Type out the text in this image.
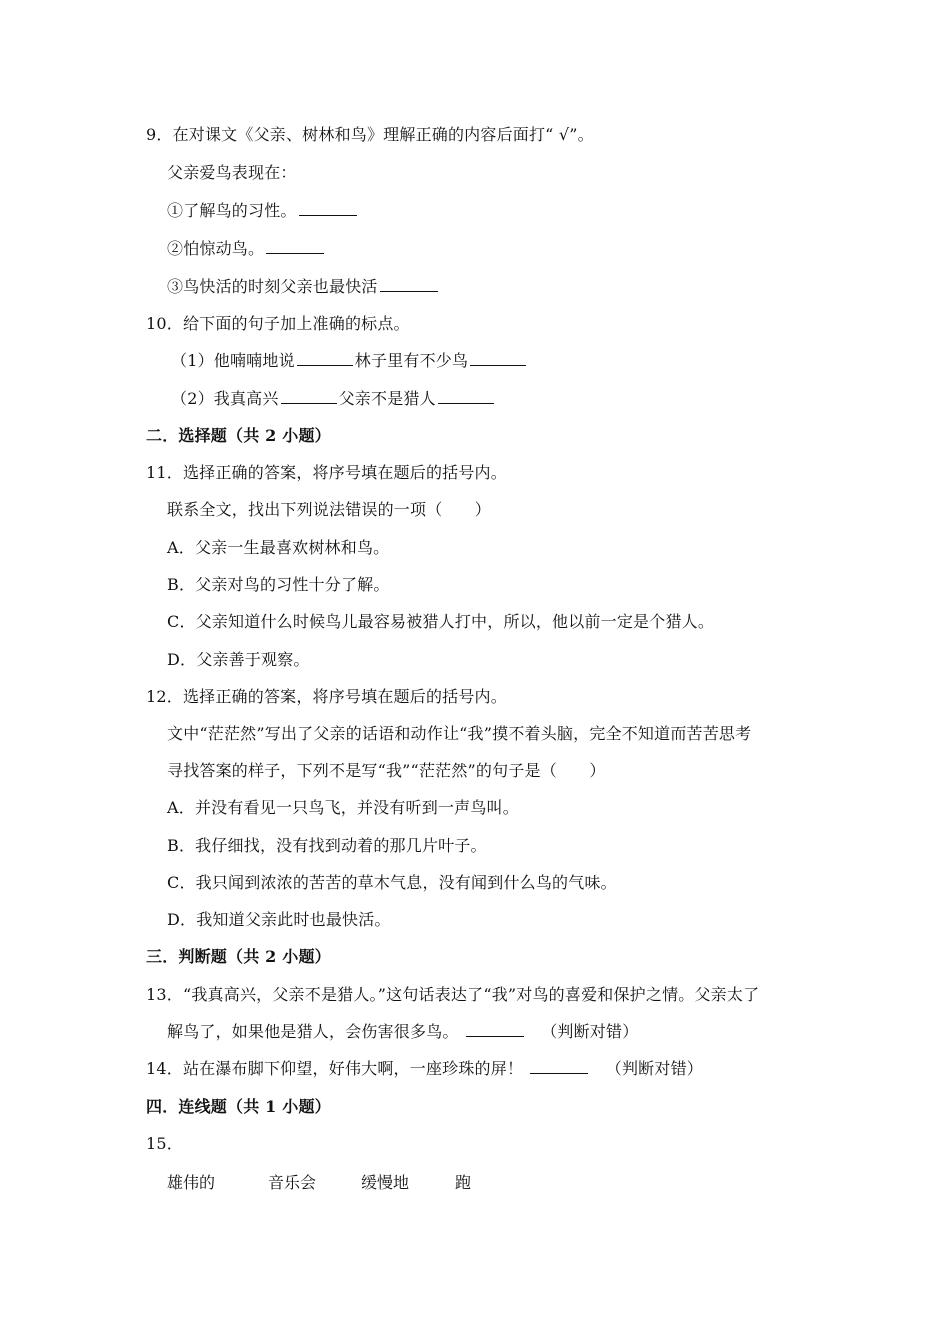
9．在对课文《父亲、树林和鸟》理解正确的内容后面打“ √”。
父亲爱鸟表现在：
①了解鸟的习性。
②怕惊动鸟。
③鸟快活的时刻父亲也最快活
10．给下面的句子加上准确的标点。
（1）他喃喃地说	林子里有不少鸟
（2）我真高兴	父亲不是猎人
二．选择题（共 2 小题）
11．选择正确的答案，将序号填在题后的括号内。
联系全文，找出下列说法错误的一项（　　）
A．父亲一生最喜欢树林和鸟。
B．父亲对鸟的习性十分了解。
C．父亲知道什么时候鸟儿最容易被猎人打中，所以，他以前一定是个猎人。
D．父亲善于观察。
12．选择正确的答案，将序号填在题后的括号内。
文中“茫茫然”写出了父亲的话语和动作让“我”摸不着头脑，完全不知道而苦苦思考
寻找答案的样子，下列不是写“我”“茫茫然”的句子是（　　）
A．并没有看见一只鸟飞，并没有听到一声鸟叫。
B．我仔细找，没有找到动着的那几片叶子。
C．我只闻到浓浓的苦苦的草木气息，没有闻到什么鸟的气味。
D．我知道父亲此时也最快活。
三．判断题（共 2 小题）
13．“我真高兴，父亲不是猎人。”这句话表达了“我”对鸟的喜爱和保护之情。父亲太了
解鸟了，如果他是猎人，会伤害很多鸟。	（判断对错）
14．站在瀑布脚下仰望，好伟大啊，一座珍珠的屏！	（判断对错）
四．连线题（共 1 小题）
15．
雄伟的	音乐会	缓慢地	跑
